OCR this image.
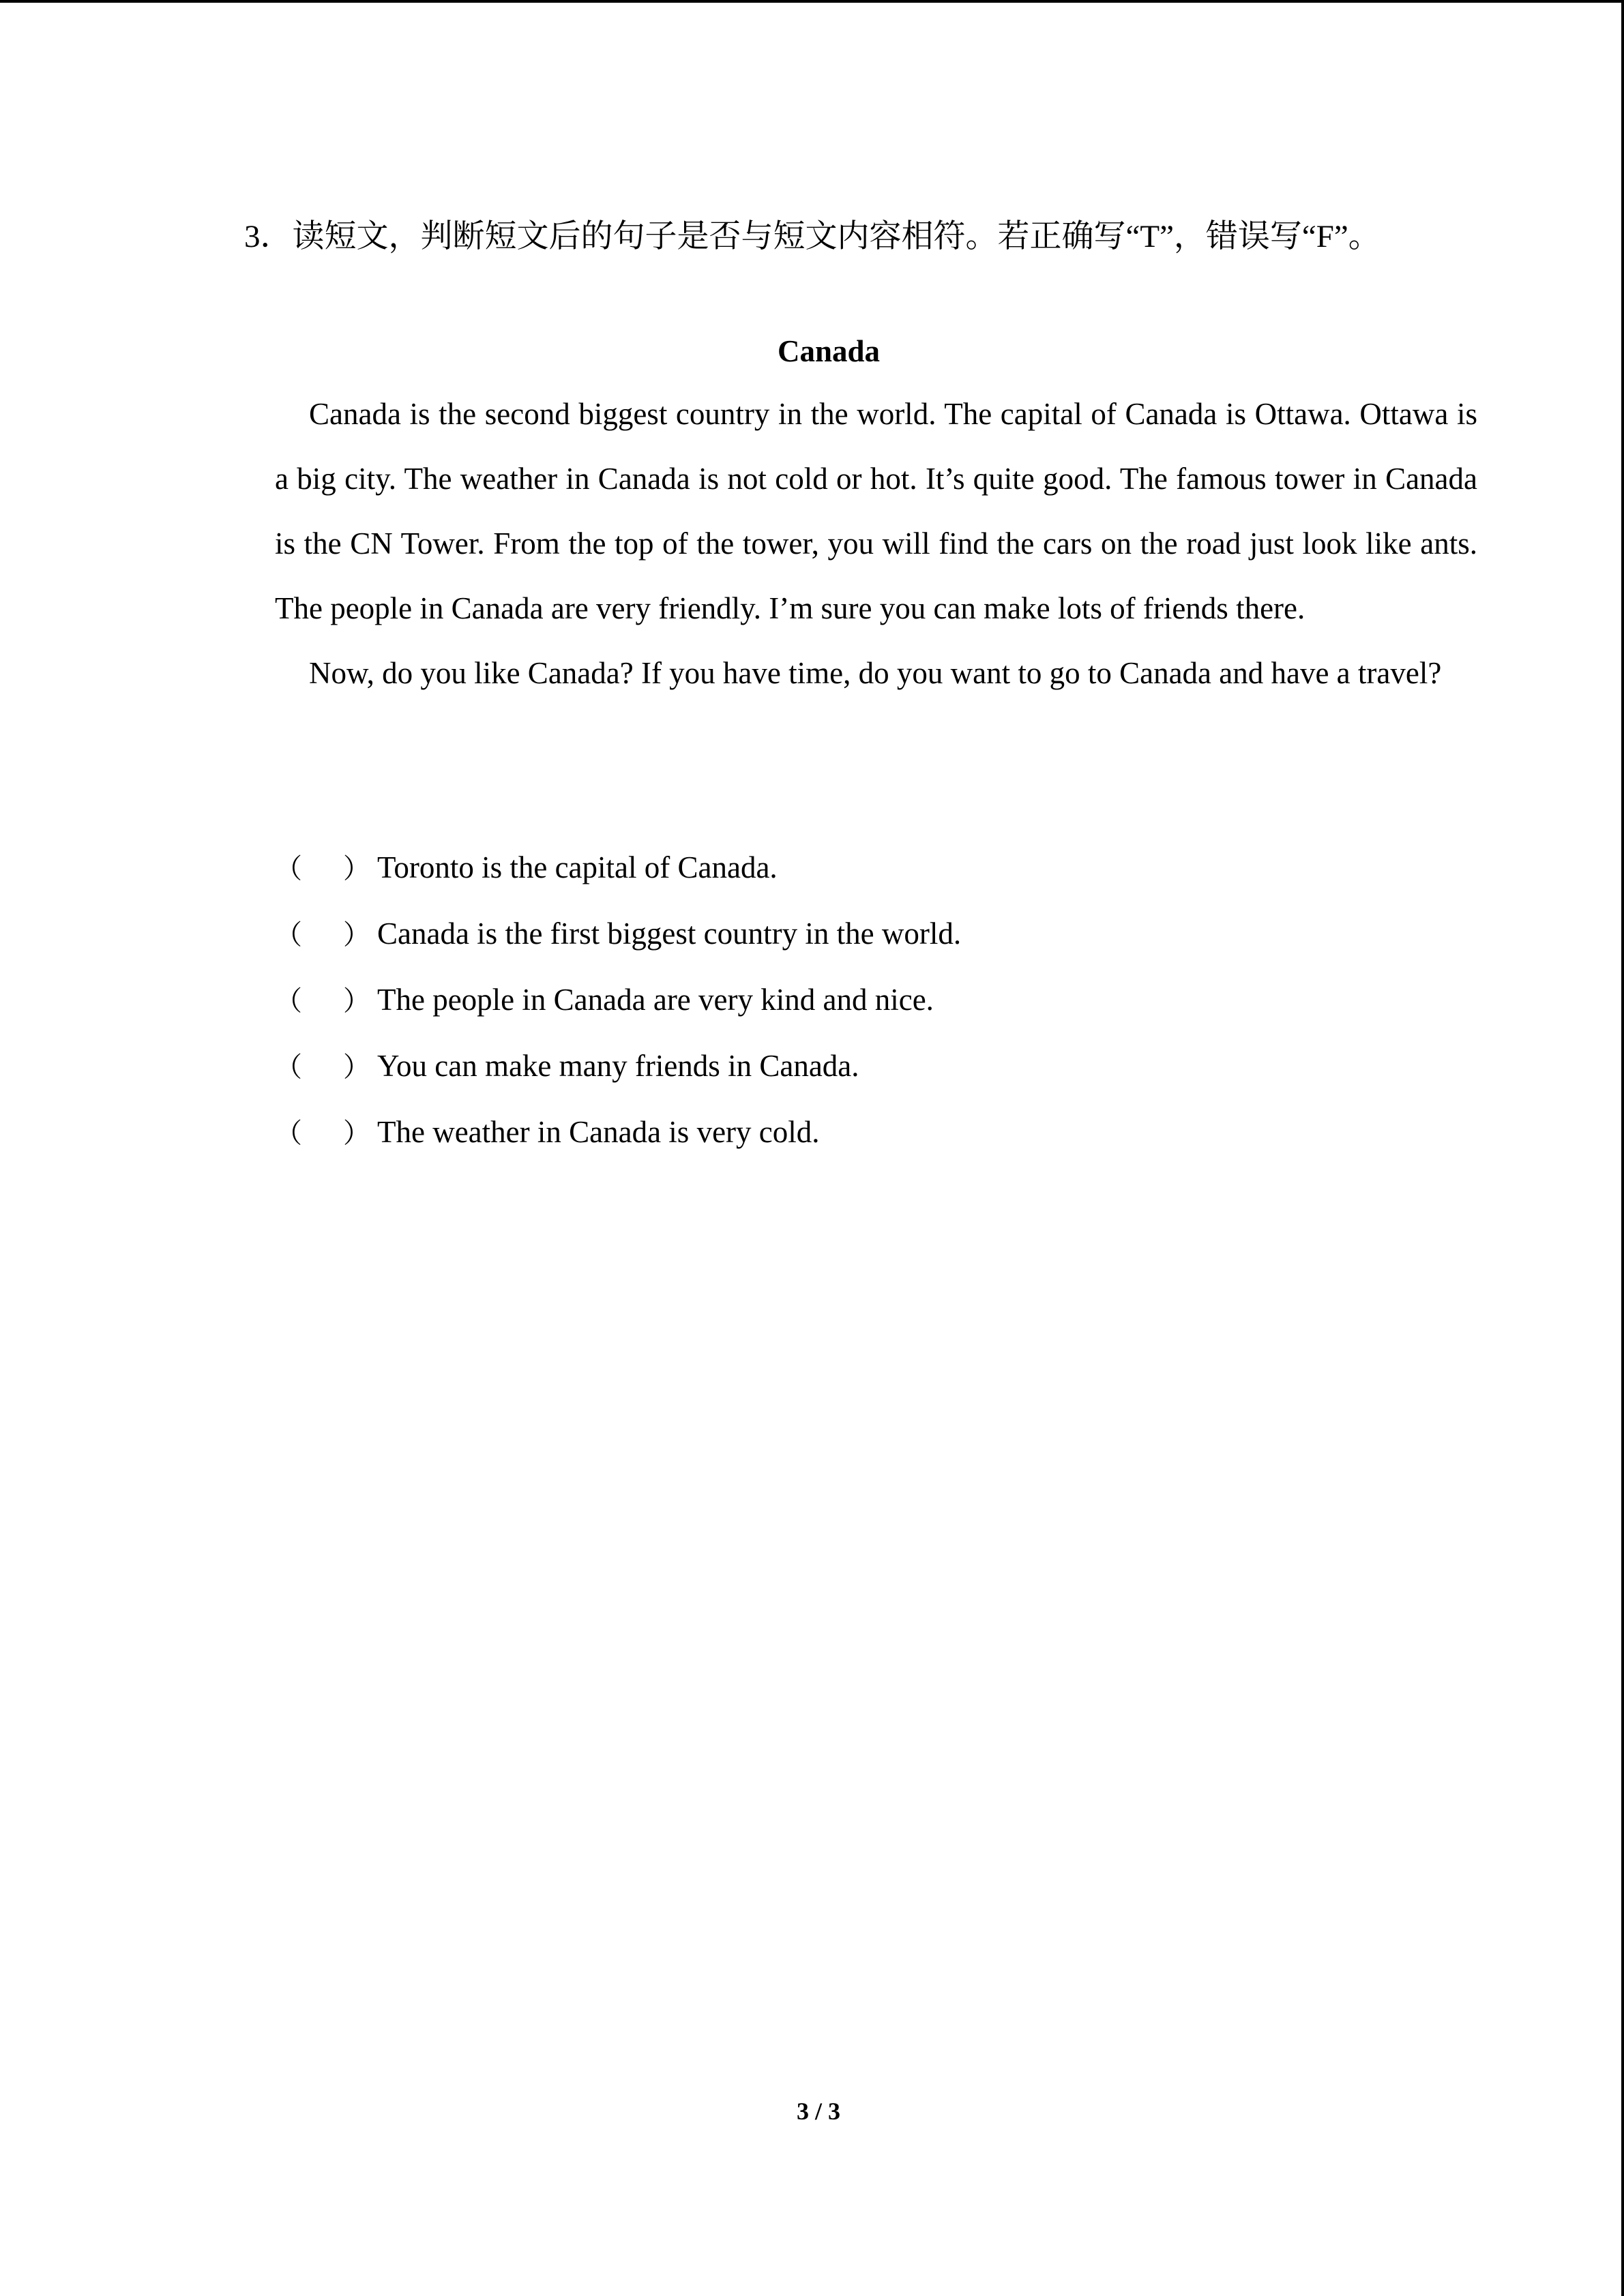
3．读短文，判断短文后的句子是否与短文内容相符。若正确写“T”，错误写“F”。

Canada

Canada is the second biggest country in the world. The capital of Canada is Ottawa. Ottawa is a big city. The weather in Canada is not cold or hot. It’s quite good. The famous tower in Canada is the CN Tower. From the top of the tower, you will find the cars on the road just look like ants. The people in Canada are very friendly. I’m sure you can make lots of friends there.

Now, do you like Canada? If you have time, do you want to go to Canada and have a travel?

（	） Toronto is the capital of Canada.
（	） Canada is the first biggest country in the world.
（	） The people in Canada are very kind and nice.
（	） You can make many friends in Canada.
（	） The weather in Canada is very cold.

3 / 3
